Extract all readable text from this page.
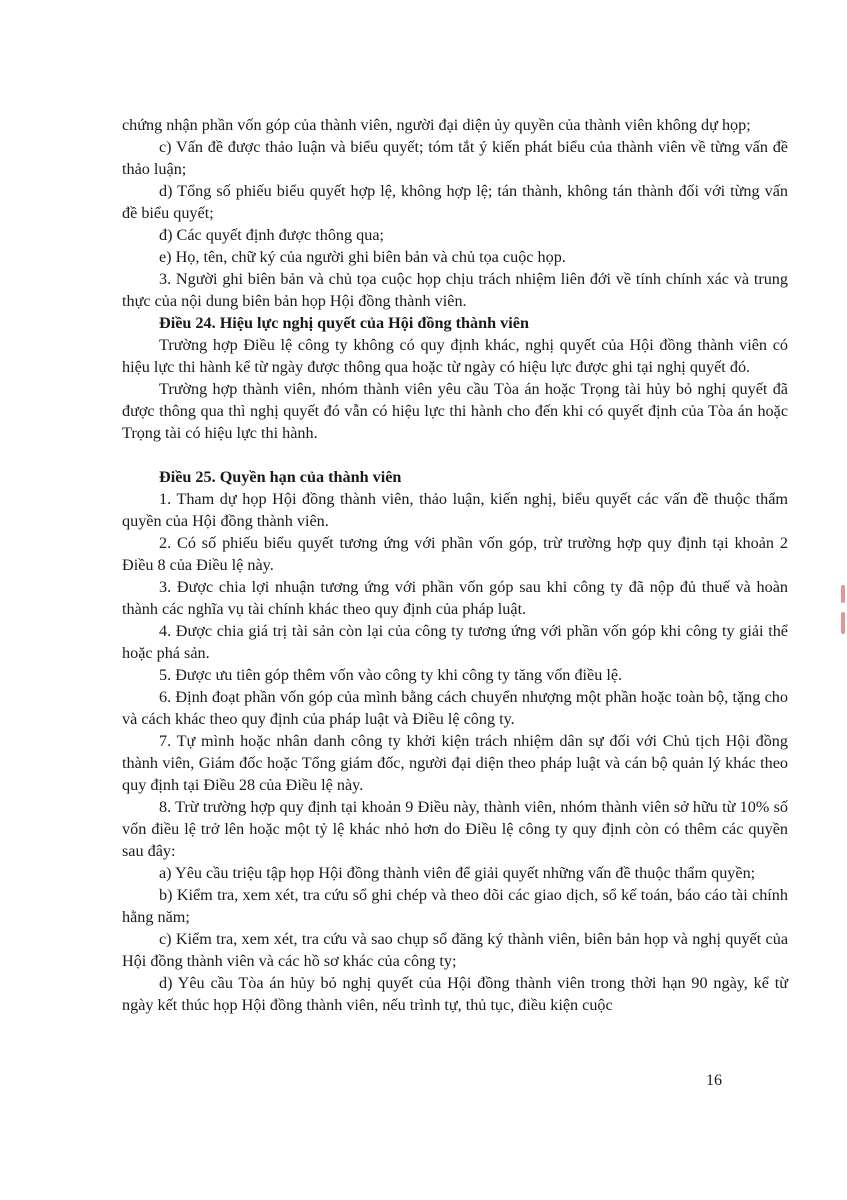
chứng nhận phần vốn góp của thành viên, người đại diện ủy quyền của thành viên không dự họp;

c) Vấn đề được thảo luận và biểu quyết; tóm tắt ý kiến phát biểu của thành viên về từng vấn đề thảo luận;

d) Tổng số phiếu biểu quyết hợp lệ, không hợp lệ; tán thành, không tán thành đối với từng vấn đề biểu quyết;

đ) Các quyết định được thông qua;

e) Họ, tên, chữ ký của người ghi biên bản và chủ tọa cuộc họp.

3. Người ghi biên bản và chủ tọa cuộc họp chịu trách nhiệm liên đới về tính chính xác và trung thực của nội dung biên bản họp Hội đồng thành viên.

Điều 24. Hiệu lực nghị quyết của Hội đồng thành viên

Trường hợp Điều lệ công ty không có quy định khác, nghị quyết của Hội đồng thành viên có hiệu lực thi hành kể từ ngày được thông qua hoặc từ ngày có hiệu lực được ghi tại nghị quyết đó.

Trường hợp thành viên, nhóm thành viên yêu cầu Tòa án hoặc Trọng tài hủy bỏ nghị quyết đã được thông qua thì nghị quyết đó vẫn có hiệu lực thi hành cho đến khi có quyết định của Tòa án hoặc Trọng tài có hiệu lực thi hành.

Điều 25. Quyền hạn của thành viên

1. Tham dự họp Hội đồng thành viên, thảo luận, kiến nghị, biểu quyết các vấn đề thuộc thẩm quyền của Hội đồng thành viên.

2. Có số phiếu biểu quyết tương ứng với phần vốn góp, trừ trường hợp quy định tại khoản 2 Điều 8 của Điều lệ này.

3. Được chia lợi nhuận tương ứng với phần vốn góp sau khi công ty đã nộp đủ thuế và hoàn thành các nghĩa vụ tài chính khác theo quy định của pháp luật.

4. Được chia giá trị tài sản còn lại của công ty tương ứng với phần vốn góp khi công ty giải thể hoặc phá sản.

5. Được ưu tiên góp thêm vốn vào công ty khi công ty tăng vốn điều lệ.

6. Định đoạt phần vốn góp của mình bằng cách chuyển nhượng một phần hoặc toàn bộ, tặng cho và cách khác theo quy định của pháp luật và Điều lệ công ty.

7. Tự mình hoặc nhân danh công ty khởi kiện trách nhiệm dân sự đối với Chủ tịch Hội đồng thành viên, Giám đốc hoặc Tổng giám đốc, người đại diện theo pháp luật và cán bộ quản lý khác theo quy định tại Điều 28 của Điều lệ này.

8. Trừ trường hợp quy định tại khoản 9 Điều này, thành viên, nhóm thành viên sở hữu từ 10% số vốn điều lệ trở lên hoặc một tỷ lệ khác nhỏ hơn do Điều lệ công ty quy định còn có thêm các quyền sau đây:

a) Yêu cầu triệu tập họp Hội đồng thành viên để giải quyết những vấn đề thuộc thẩm quyền;

b) Kiểm tra, xem xét, tra cứu sổ ghi chép và theo dõi các giao dịch, sổ kế toán, báo cáo tài chính hằng năm;

c) Kiểm tra, xem xét, tra cứu và sao chụp sổ đăng ký thành viên, biên bản họp và nghị quyết của Hội đồng thành viên và các hồ sơ khác của công ty;

d) Yêu cầu Tòa án hủy bỏ nghị quyết của Hội đồng thành viên trong thời hạn 90 ngày, kể từ ngày kết thúc họp Hội đồng thành viên, nếu trình tự, thủ tục, điều kiện cuộc

16
